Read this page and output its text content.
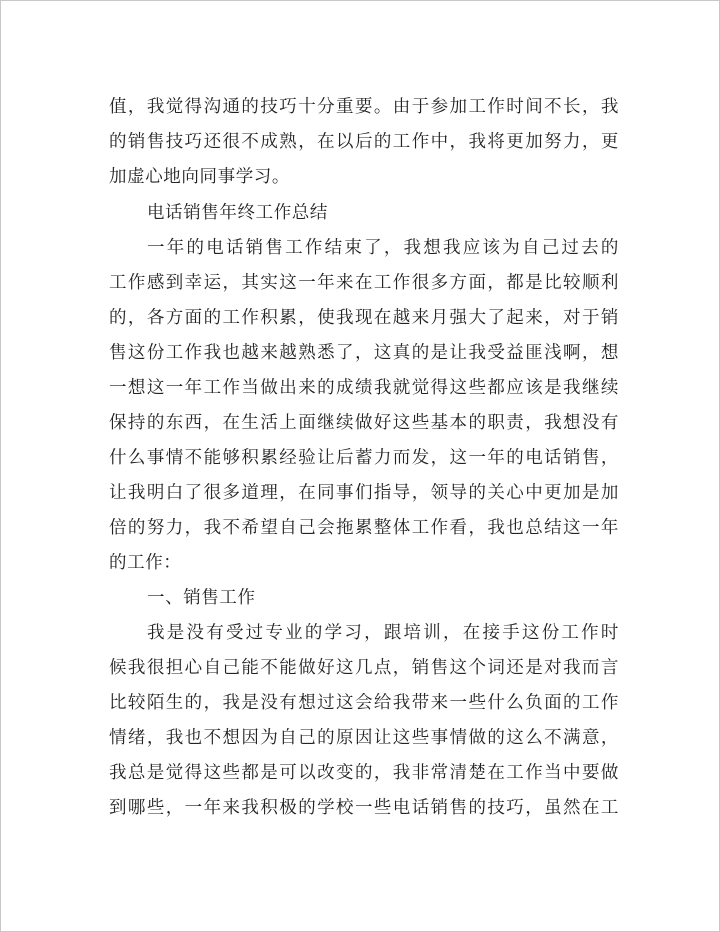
值，我觉得沟通的技巧十分重要。由于参加工作时间不长，我
的销售技巧还很不成熟，在以后的工作中，我将更加努力，更
加虚心地向同事学习。
电话销售年终工作总结
一年的电话销售工作结束了，我想我应该为自己过去的
工作感到幸运，其实这一年来在工作很多方面，都是比较顺利
的，各方面的工作积累，使我现在越来月强大了起来，对于销
售这份工作我也越来越熟悉了，这真的是让我受益匪浅啊，想
一想这一年工作当做出来的成绩我就觉得这些都应该是我继续
保持的东西，在生活上面继续做好这些基本的职责，我想没有
什么事情不能够积累经验让后蓄力而发，这一年的电话销售，
让我明白了很多道理，在同事们指导，领导的关心中更加是加
倍的努力，我不希望自己会拖累整体工作看，我也总结这一年
的工作：
一、销售工作
我是没有受过专业的学习，跟培训，在接手这份工作时
候我很担心自己能不能做好这几点，销售这个词还是对我而言
比较陌生的，我是没有想过这会给我带来一些什么负面的工作
情绪，我也不想因为自己的原因让这些事情做的这么不满意，
我总是觉得这些都是可以改变的，我非常清楚在工作当中要做
到哪些，一年来我积极的学校一些电话销售的技巧，虽然在工
